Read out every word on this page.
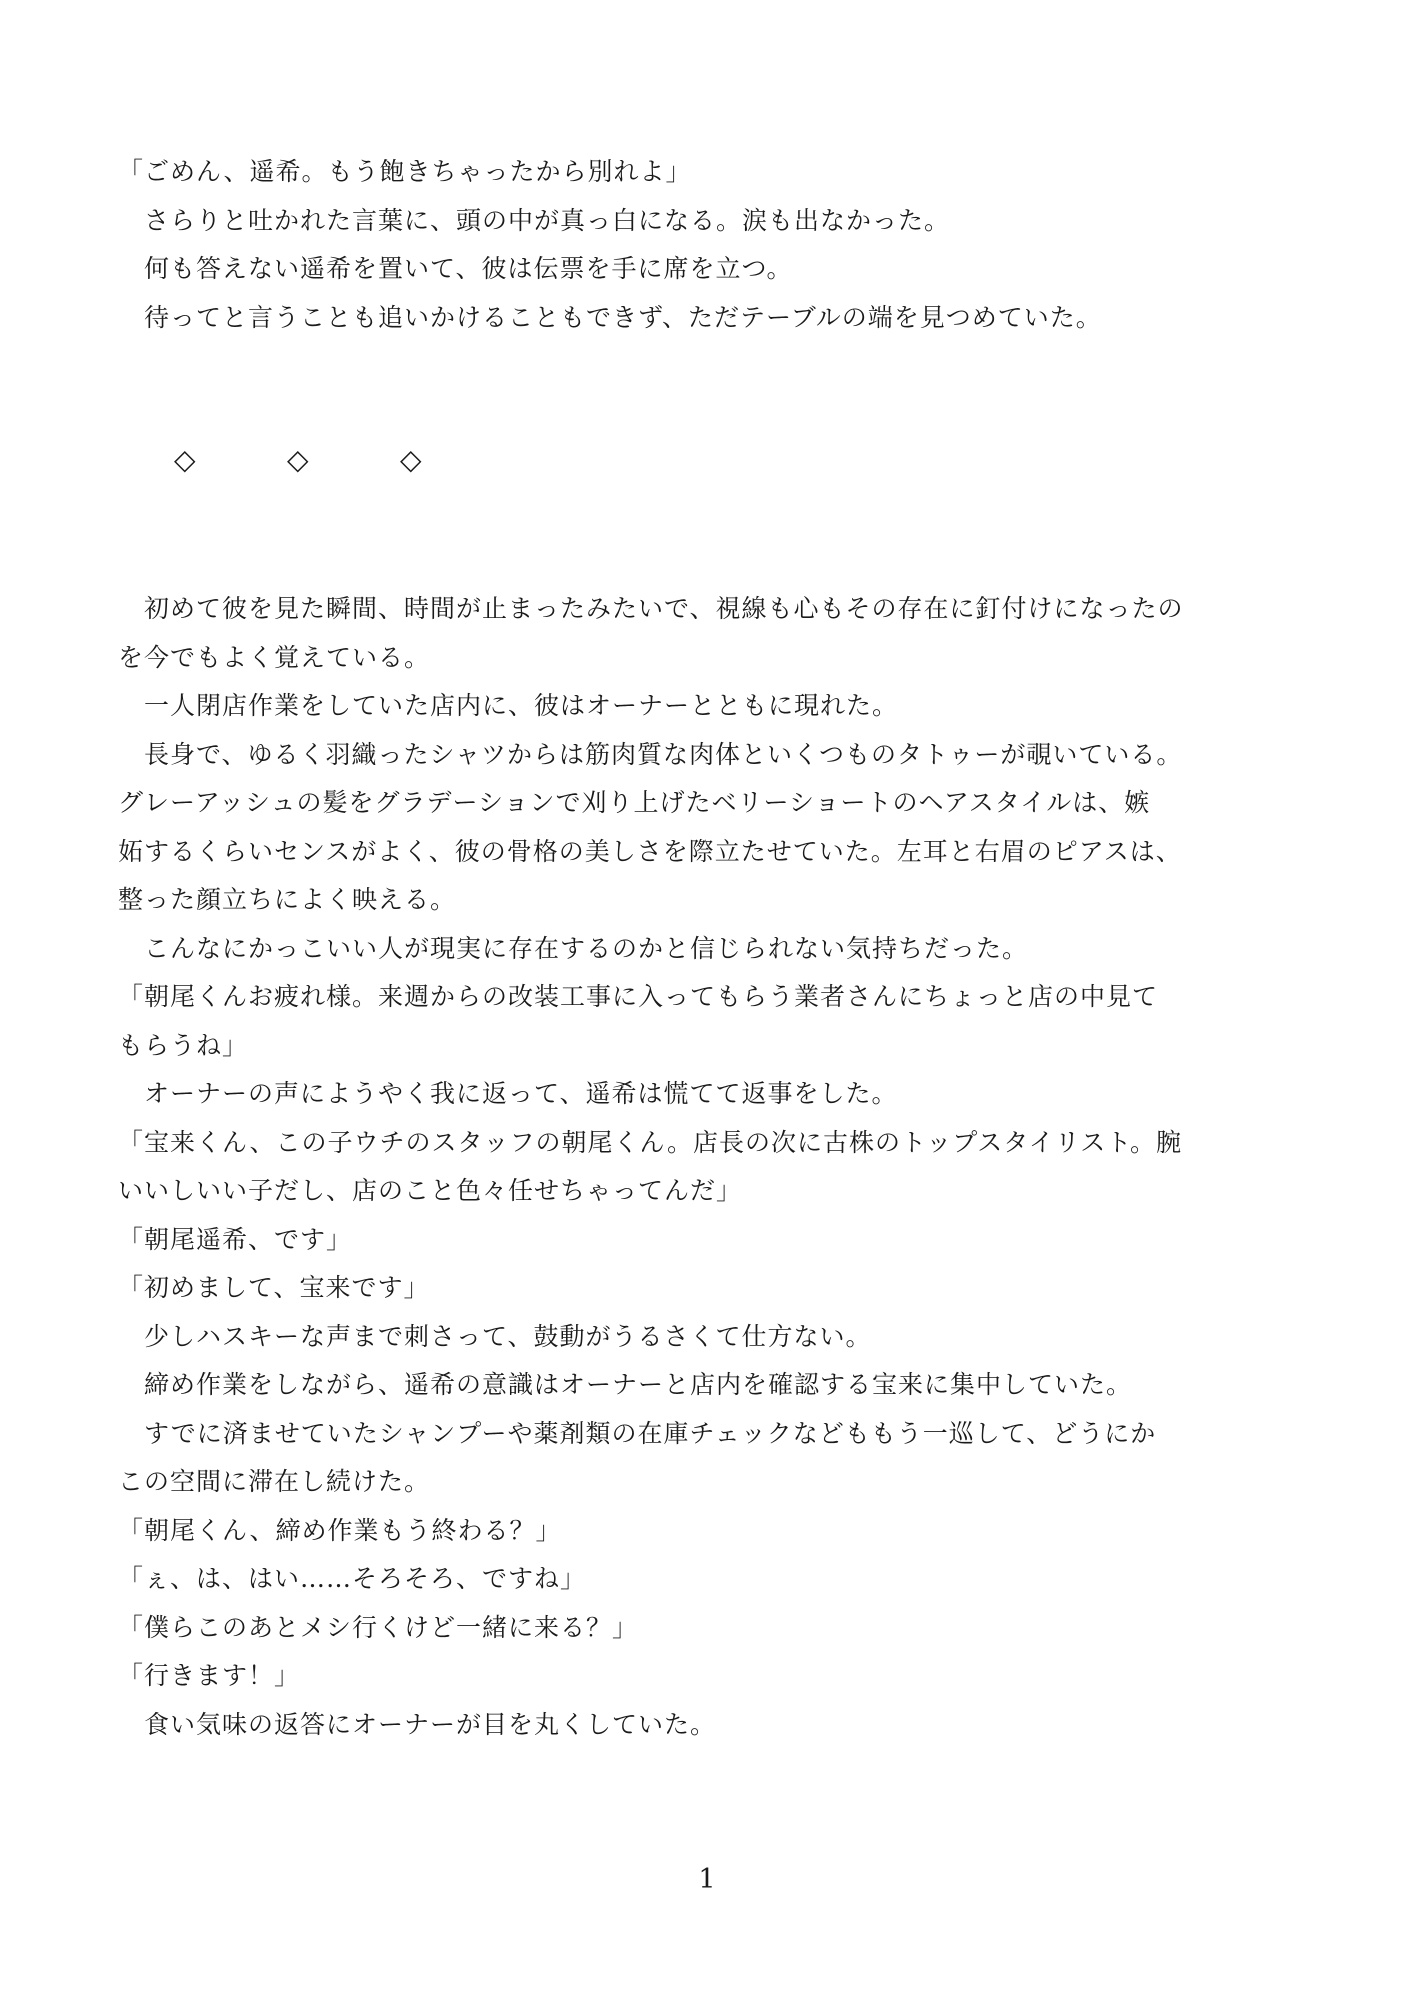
「ごめん、遥希。もう飽きちゃったから別れよ」
　さらりと吐かれた言葉に、頭の中が真っ白になる。涙も出なかった。
　何も答えない遥希を置いて、彼は伝票を手に席を立つ。
　待ってと言うことも追いかけることもできず、ただテーブルの端を見つめていた。
◇	◇	◇
　初めて彼を見た瞬間、時間が止まったみたいで、視線も心もその存在に釘付けになったの
を今でもよく覚えている。
　一人閉店作業をしていた店内に、彼はオーナーとともに現れた。
　長身で、ゆるく羽織ったシャツからは筋肉質な肉体といくつものタトゥーが覗いている。
グレーアッシュの髪をグラデーションで刈り上げたベリーショートのヘアスタイルは、嫉
妬するくらいセンスがよく、彼の骨格の美しさを際立たせていた。左耳と右眉のピアスは、
整った顔立ちによく映える。
　こんなにかっこいい人が現実に存在するのかと信じられない気持ちだった。
「朝尾くんお疲れ様。来週からの改装工事に入ってもらう業者さんにちょっと店の中見て
もらうね」
　オーナーの声にようやく我に返って、遥希は慌てて返事をした。
「宝来くん、この子ウチのスタッフの朝尾くん。店長の次に古株のトップスタイリスト。腕
いいしいい子だし、店のこと色々任せちゃってんだ」
「朝尾遥希、です」
「初めまして、宝来です」
　少しハスキーな声まで刺さって、鼓動がうるさくて仕方ない。
　締め作業をしながら、遥希の意識はオーナーと店内を確認する宝来に集中していた。
　すでに済ませていたシャンプーや薬剤類の在庫チェックなどももう一巡して、どうにか
この空間に滞在し続けた。
「朝尾くん、締め作業もう終わる？」
「ぇ、は、はい……そろそろ、ですね」
「僕らこのあとメシ行くけど一緒に来る？」
「行きます！」
　食い気味の返答にオーナーが目を丸くしていた。
1
